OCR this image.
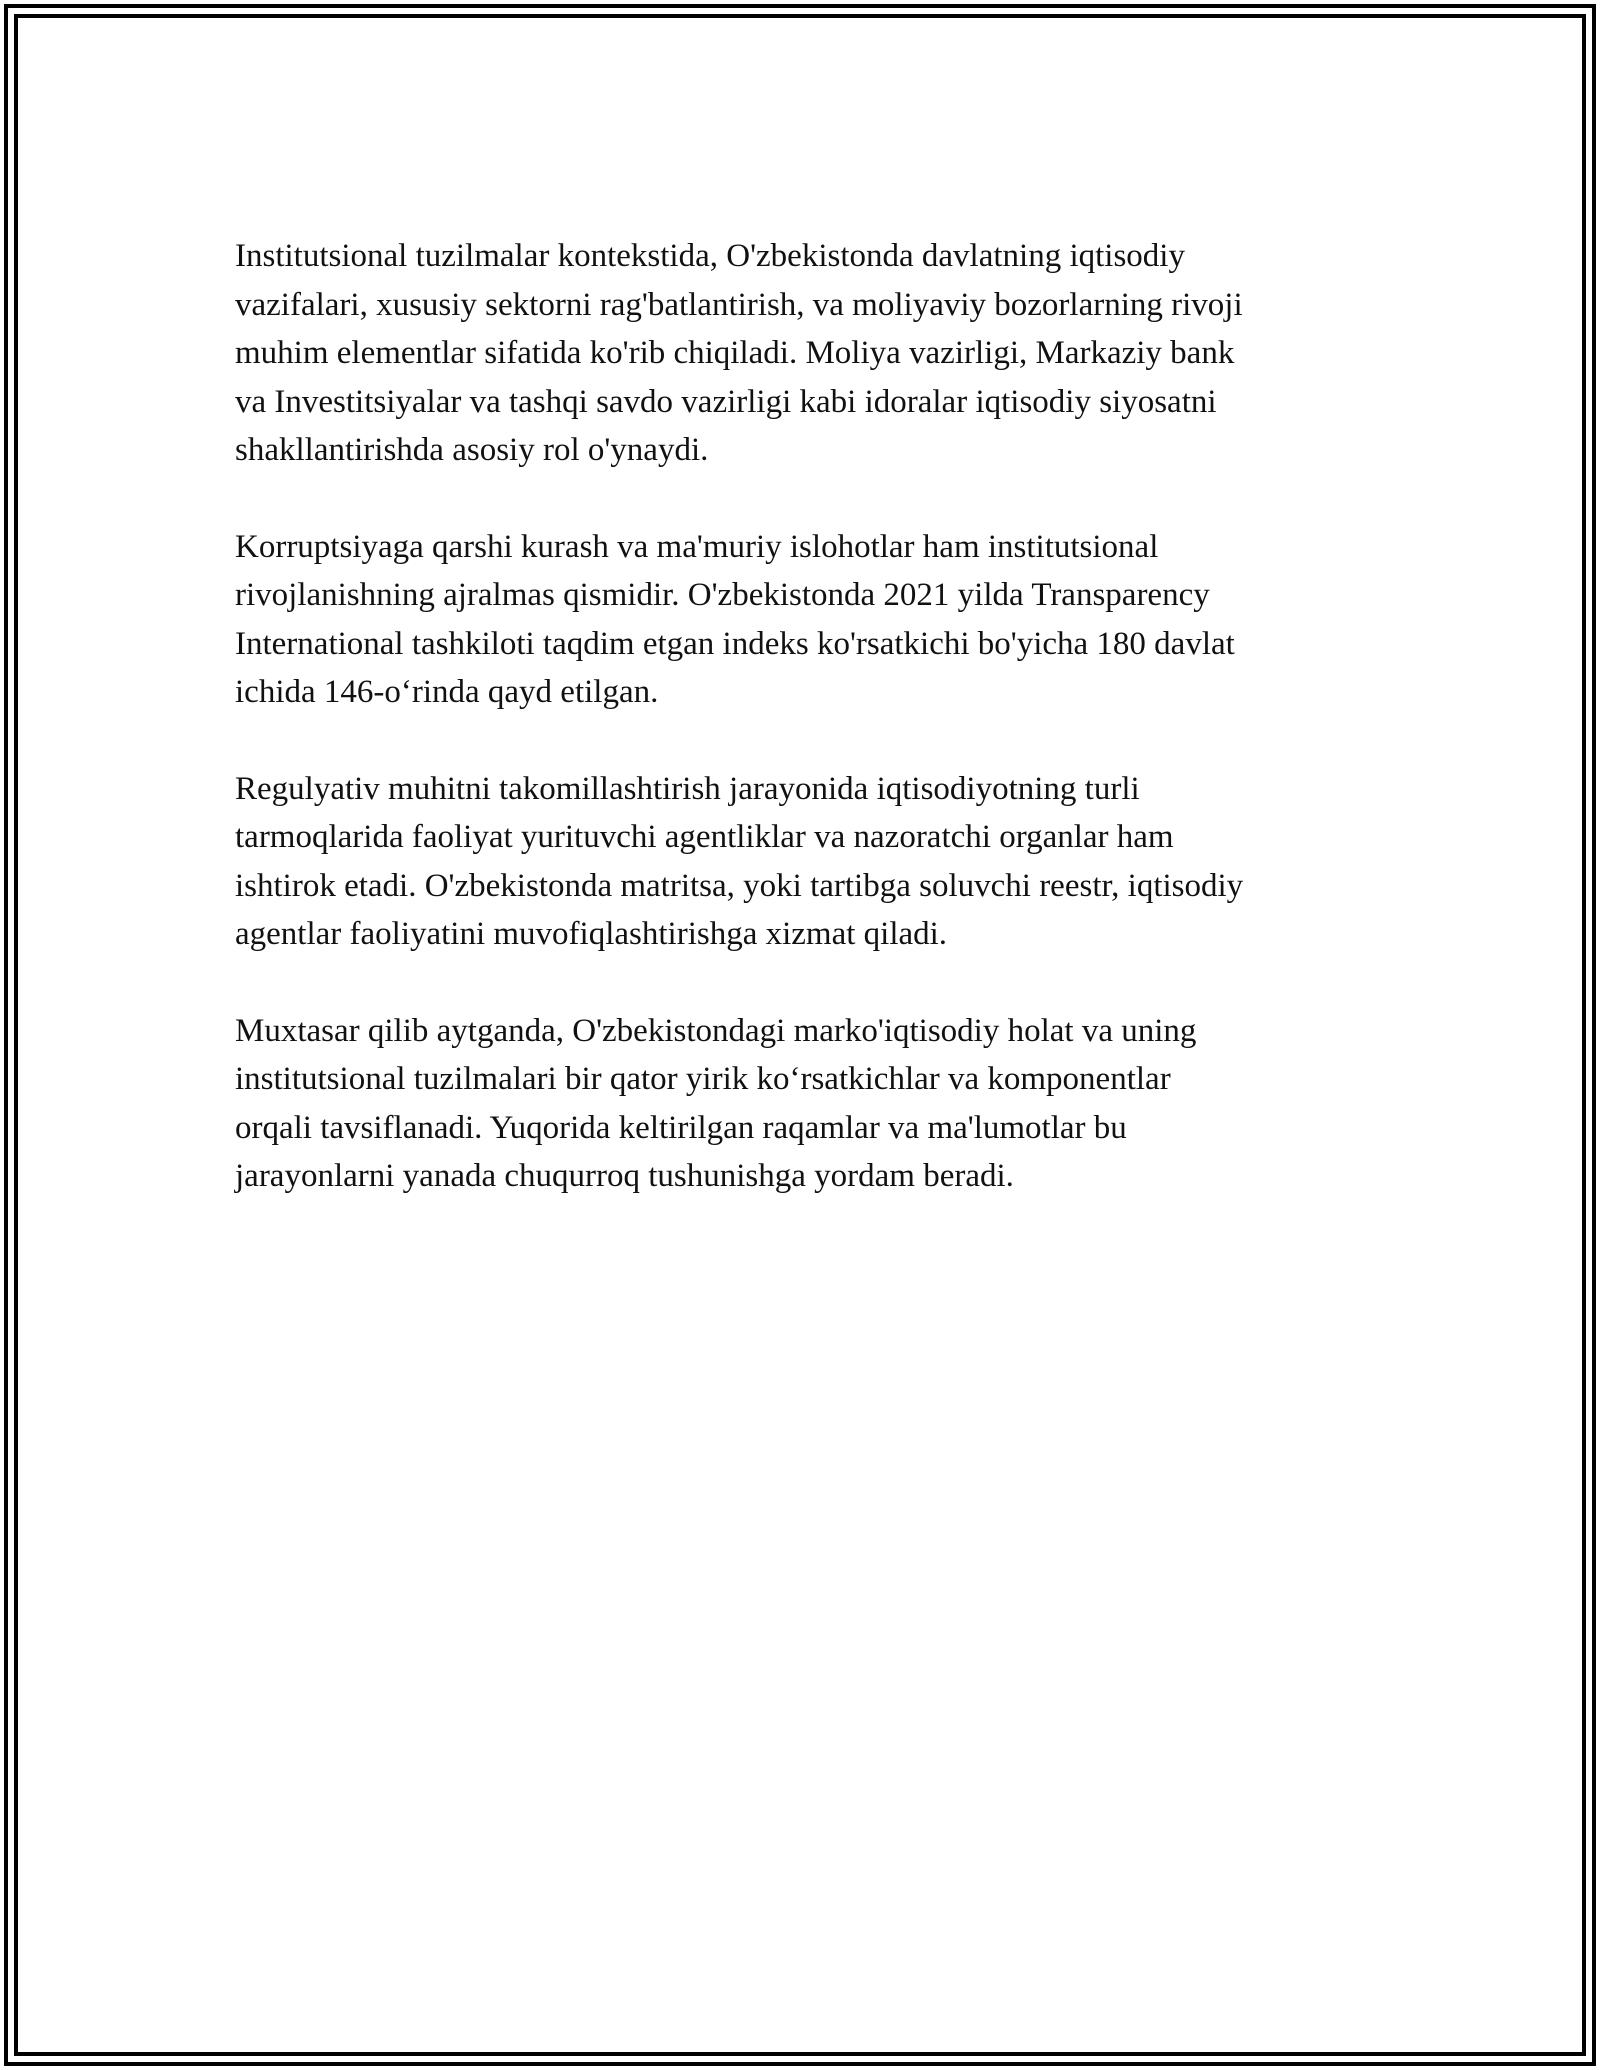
Institutsional tuzilmalar kontekstida, O'zbekistonda davlatning iqtisodiy
vazifalari, xususiy sektorni rag'batlantirish, va moliyaviy bozorlarning rivoji
muhim elementlar sifatida ko'rib chiqiladi. Moliya vazirligi, Markaziy bank
va Investitsiyalar va tashqi savdo vazirligi kabi idoralar iqtisodiy siyosatni
shakllantirishda asosiy rol o'ynaydi.

Korruptsiyaga qarshi kurash va ma'muriy islohotlar ham institutsional
rivojlanishning ajralmas qismidir. O'zbekistonda 2021 yilda Transparency
International tashkiloti taqdim etgan indeks ko'rsatkichi bo'yicha 180 davlat
ichida 146-o‘rinda qayd etilgan.

Regulyativ muhitni takomillashtirish jarayonida iqtisodiyotning turli
tarmoqlarida faoliyat yurituvchi agentliklar va nazoratchi organlar ham
ishtirok etadi. O'zbekistonda matritsa, yoki tartibga soluvchi reestr, iqtisodiy
agentlar faoliyatini muvofiqlashtirishga xizmat qiladi.

Muxtasar qilib aytganda, O'zbekistondagi marko'iqtisodiy holat va uning
institutsional tuzilmalari bir qator yirik ko‘rsatkichlar va komponentlar
orqali tavsiflanadi. Yuqorida keltirilgan raqamlar va ma'lumotlar bu
jarayonlarni yanada chuqurroq tushunishga yordam beradi.
